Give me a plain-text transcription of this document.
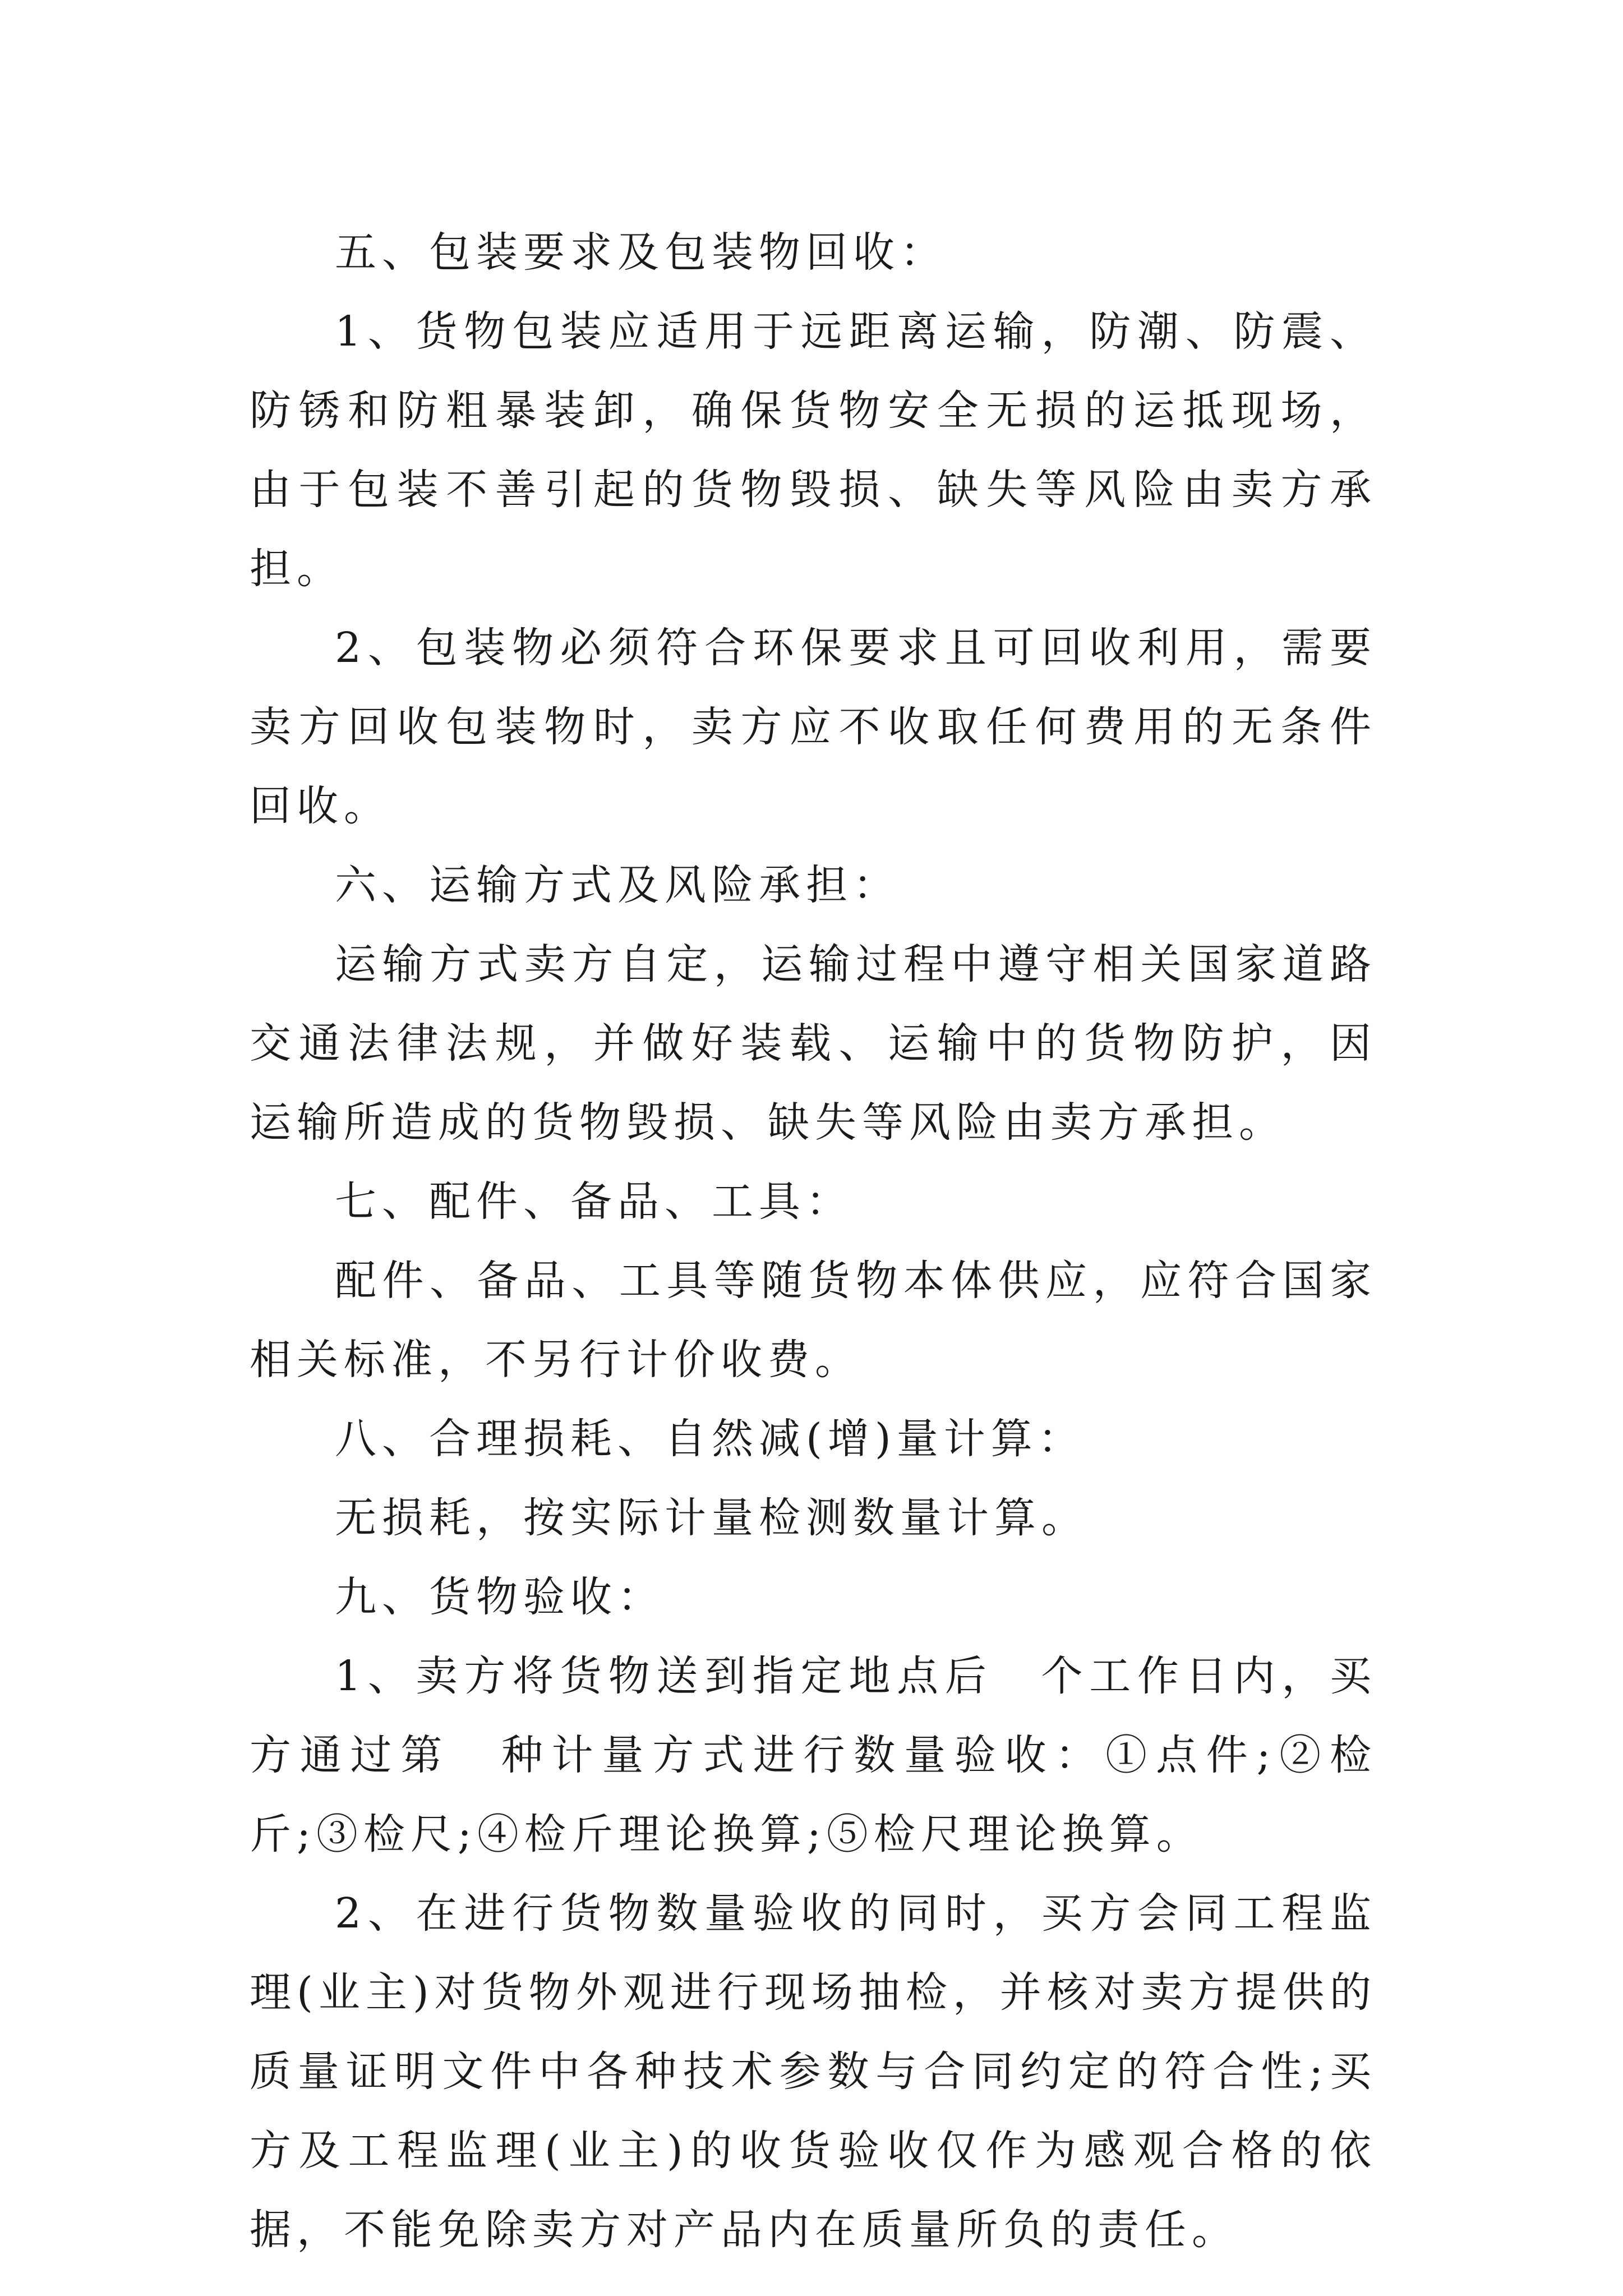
五、包装要求及包装物回收：

1、货物包装应适用于远距离运输，防潮、防震、防锈和防粗暴装卸，确保货物安全无损的运抵现场，由于包装不善引起的货物毁损、缺失等风险由卖方承担。

2、包装物必须符合环保要求且可回收利用，需要卖方回收包装物时，卖方应不收取任何费用的无条件回收。

六、运输方式及风险承担：

运输方式卖方自定，运输过程中遵守相关国家道路交通法律法规，并做好装载、运输中的货物防护，因运输所造成的货物毁损、缺失等风险由卖方承担。

七、配件、备品、工具：

配件、备品、工具等随货物本体供应，应符合国家相关标准，不另行计价收费。

八、合理损耗、自然减(增)量计算：

无损耗，按实际计量检测数量计算。

九、货物验收：

1、卖方将货物送到指定地点后　个工作日内，买方通过第　种计量方式进行数量验收：①点件;②检斤;③检尺;④检斤理论换算;⑤检尺理论换算。

2、在进行货物数量验收的同时，买方会同工程监理(业主)对货物外观进行现场抽检，并核对卖方提供的质量证明文件中各种技术参数与合同约定的符合性;买方及工程监理(业主)的收货验收仅作为感观合格的依据，不能免除卖方对产品内在质量所负的责任。
